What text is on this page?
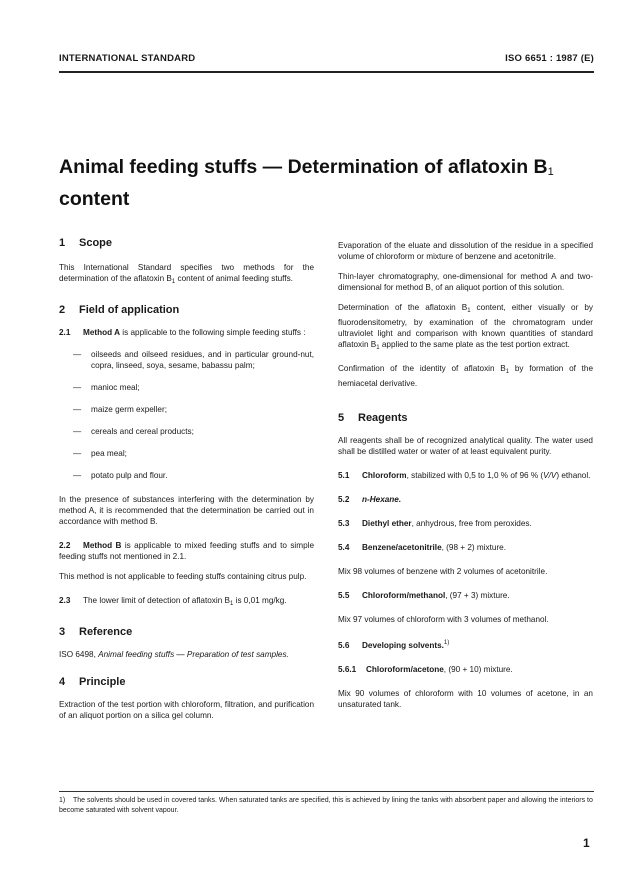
INTERNATIONAL STANDARD	ISO 6651 : 1987 (E)
Animal feeding stuffs — Determination of aflatoxin B1
content

1 Scope

This International Standard specifies two methods for the determination of the aflatoxin $B_1$ content of animal feeding stuffs.

2 Field of application

2.1 Method A is applicable to the following simple feeding stuffs :

— oilseeds and oilseed residues, and in particular ground-nut, copra, linseed, soya, sesame, babassu palm;

— manioc meal;

— maize germ expeller;

— cereals and cereal products;

— pea meal;

— potato pulp and flour.

In the presence of substances interfering with the determination by method A, it is recommended that the determination be carried out in accordance with method B.

2.2 Method B is applicable to mixed feeding stuffs and to simple feeding stuffs not mentioned in 2.1.

This method is not applicable to feeding stuffs containing citrus pulp.

2.3 The lower limit of detection of aflatoxin $B_1$ is 0,01 mg/kg.

3 Reference

ISO 6498, Animal feeding stuffs — Preparation of test samples.

4 Principle

Extraction of the test portion with chloroform, filtration, and purification of an aliquot portion on a silica gel column.

Evaporation of the eluate and dissolution of the residue in a specified volume of chloroform or mixture of benzene and acetonitrile.

Thin-layer chromatography, one-dimensional for method A and two-dimensional for method B, of an aliquot portion of this solution.

Determination of the aflatoxin $B_1$ content, either visually or by fluorodensitometry, by examination of the chromatogram under ultraviolet light and comparison with known quantities of standard aflatoxin $B_1$ applied to the same plate as the test portion extract.

Confirmation of the identity of aflatoxin $B_1$ by formation of the hemiacetal derivative.

5 Reagents

All reagents shall be of recognized analytical quality. The water used shall be distilled water or water of at least equivalent purity.

5.1 Chloroform, stabilized with 0,5 to 1,0 % of 96 % (V/V) ethanol.

5.2 n-Hexane.

5.3 Diethyl ether, anhydrous, free from peroxides.

5.4 Benzene/acetonitrile, (98 + 2) mixture.

Mix 98 volumes of benzene with 2 volumes of acetonitrile.

5.5 Chloroform/methanol, (97 + 3) mixture.

Mix 97 volumes of chloroform with 3 volumes of methanol.

5.6 Developing solvents.$^{1)}$

5.6.1 Chloroform/acetone, (90 + 10) mixture.

Mix 90 volumes of chloroform with 10 volumes of acetone, in an unsaturated tank.

1) The solvents should be used in covered tanks. When saturated tanks are specified, this is achieved by lining the tanks with absorbent paper and allowing the interiors to become saturated with solvent vapour.
1
